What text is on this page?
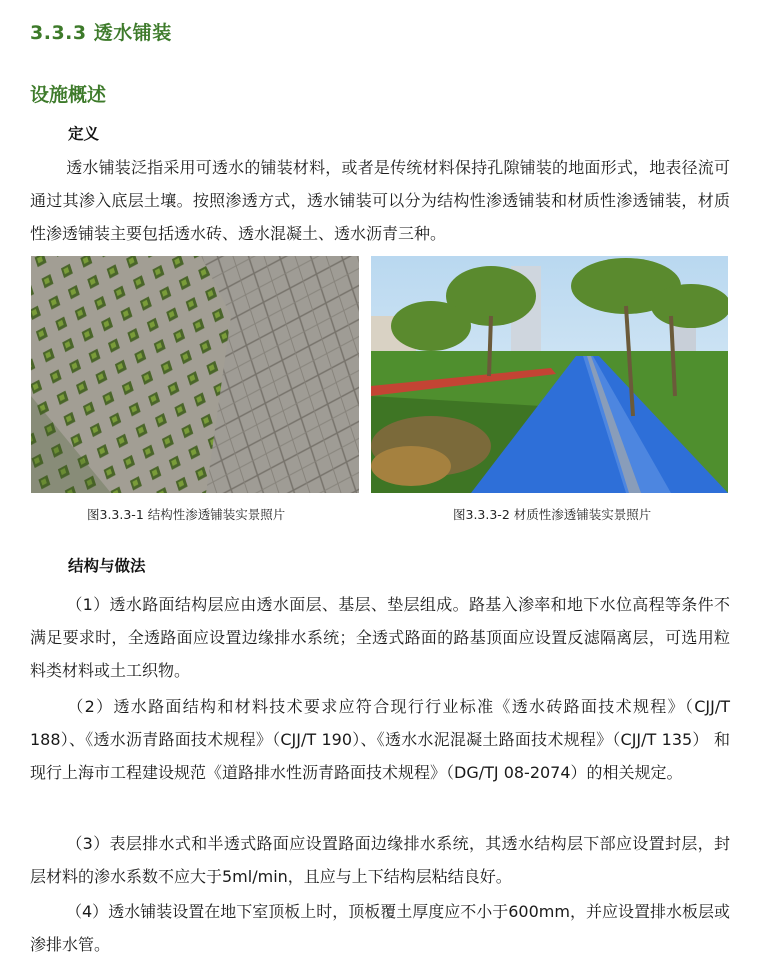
3.3.3 透水铺装
设施概述
定义
透水铺装泛指采用可透水的铺装材料，或者是传统材料保持孔隙铺装的地面形式，地表径流可通过其渗入底层土壤。按照渗透方式，透水铺装可以分为结构性渗透铺装和材质性渗透铺装，材质性渗透铺装主要包括透水砖、透水混凝土、透水沥青三种。
图3.3.3-1 结构性渗透铺装实景照片	图3.3.3-2 材质性渗透铺装实景照片
结构与做法
（1）透水路面结构层应由透水面层、基层、垫层组成。路基入渗率和地下水位高程等条件不满足要求时，全透路面应设置边缘排水系统；全透式路面的路基顶面应设置反滤隔离层，可选用粒料类材料或土工织物。
（2）透水路面结构和材料技术要求应符合现行行业标准《透水砖路面技术规程》（CJJ/T 188）、《透水沥青路面技术规程》（CJJ/T 190）、《透水水泥混凝土路面技术规程》（CJJ/T 135） 和现行上海市工程建设规范《道路排水性沥青路面技术规程》（DG/TJ 08-2074）的相关规定。
（3）表层排水式和半透式路面应设置路面边缘排水系统，其透水结构层下部应设置封层，封层材料的渗水系数不应大于5ml/min，且应与上下结构层粘结良好。
（4）透水铺装设置在地下室顶板上时，顶板覆土厚度应不小于600mm，并应设置排水板层或渗排水管。
